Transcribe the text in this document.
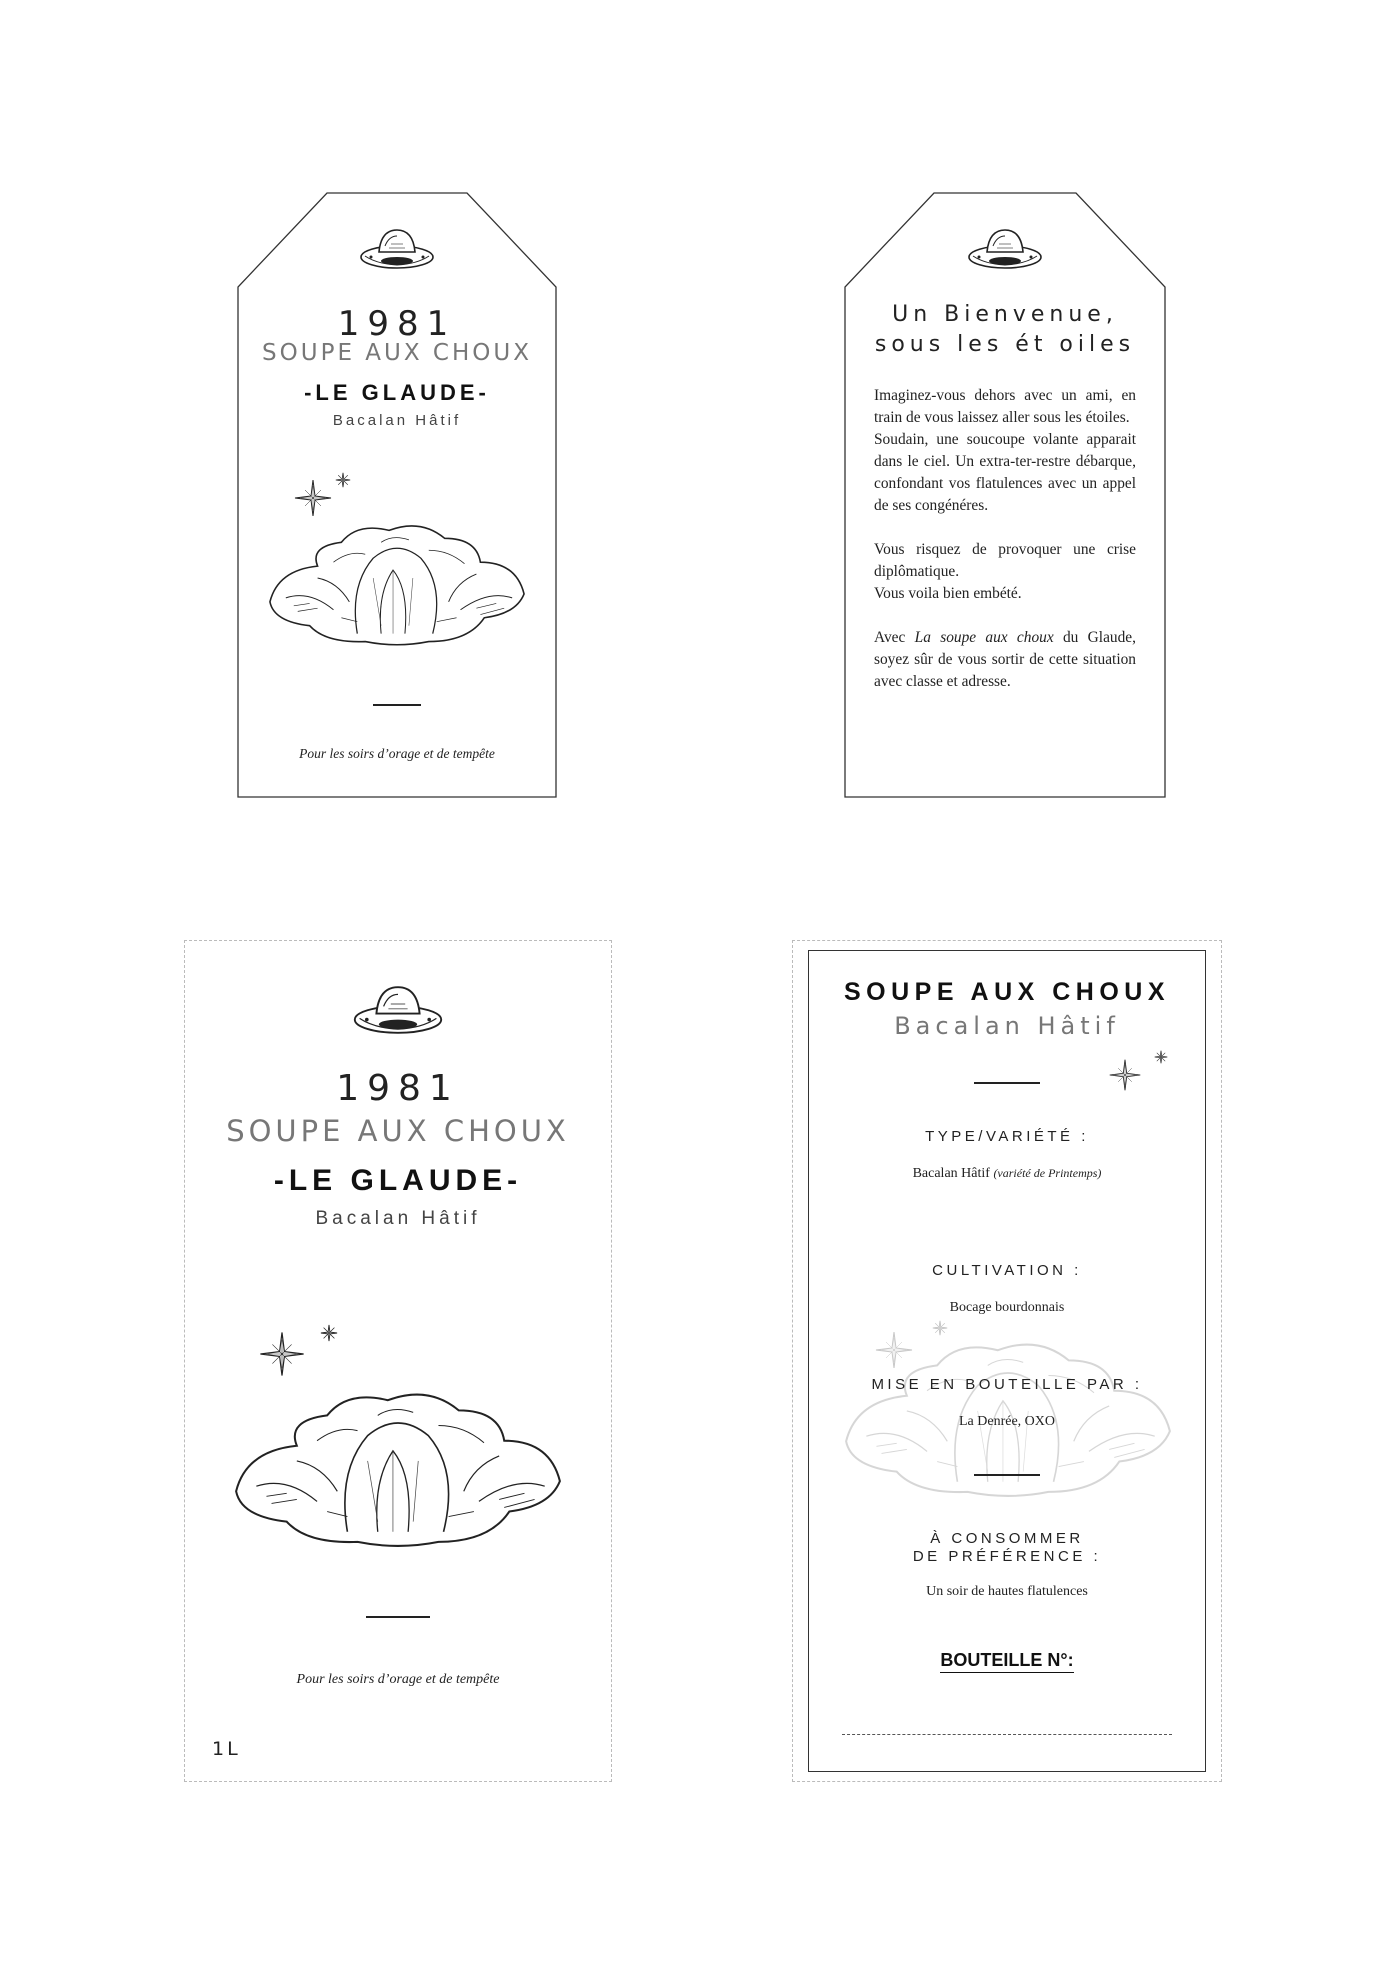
1981
SOUPE AUX CHOUX
-LE GLAUDE-
Bacalan Hâtif
Pour les soirs d’orage et de tempête
Un Bienvenue,
sous les ét oiles

Imaginez-vous dehors avec un ami, en train de vous laissez aller sous les étoiles.

Soudain, une soucoupe volante apparait dans le ciel. Un extra-ter-restre débarque, confondant vos flatulences avec un appel de ses congénéres.

Vous risquez de provoquer une crise diplômatique.

Vous voila bien embété.

Avec La soupe aux choux du Glaude, soyez sûr de vous sortir de cette situation avec classe et adresse.

1981
SOUPE AUX CHOUX
-LE GLAUDE-
Bacalan Hâtif
Pour les soirs d’orage et de tempête
1L
SOUPE AUX CHOUX
Bacalan Hâtif
TYPE/VARIÉTÉ :
Bacalan Hâtif (variété de Printemps)
CULTIVATION :
Bocage bourdonnais
MISE EN BOUTEILLE PAR :
La Denrée, OXO
À CONSOMMER
DE PRÉFÉRENCE :
Un soir de hautes flatulences
BOUTEILLE N°:
